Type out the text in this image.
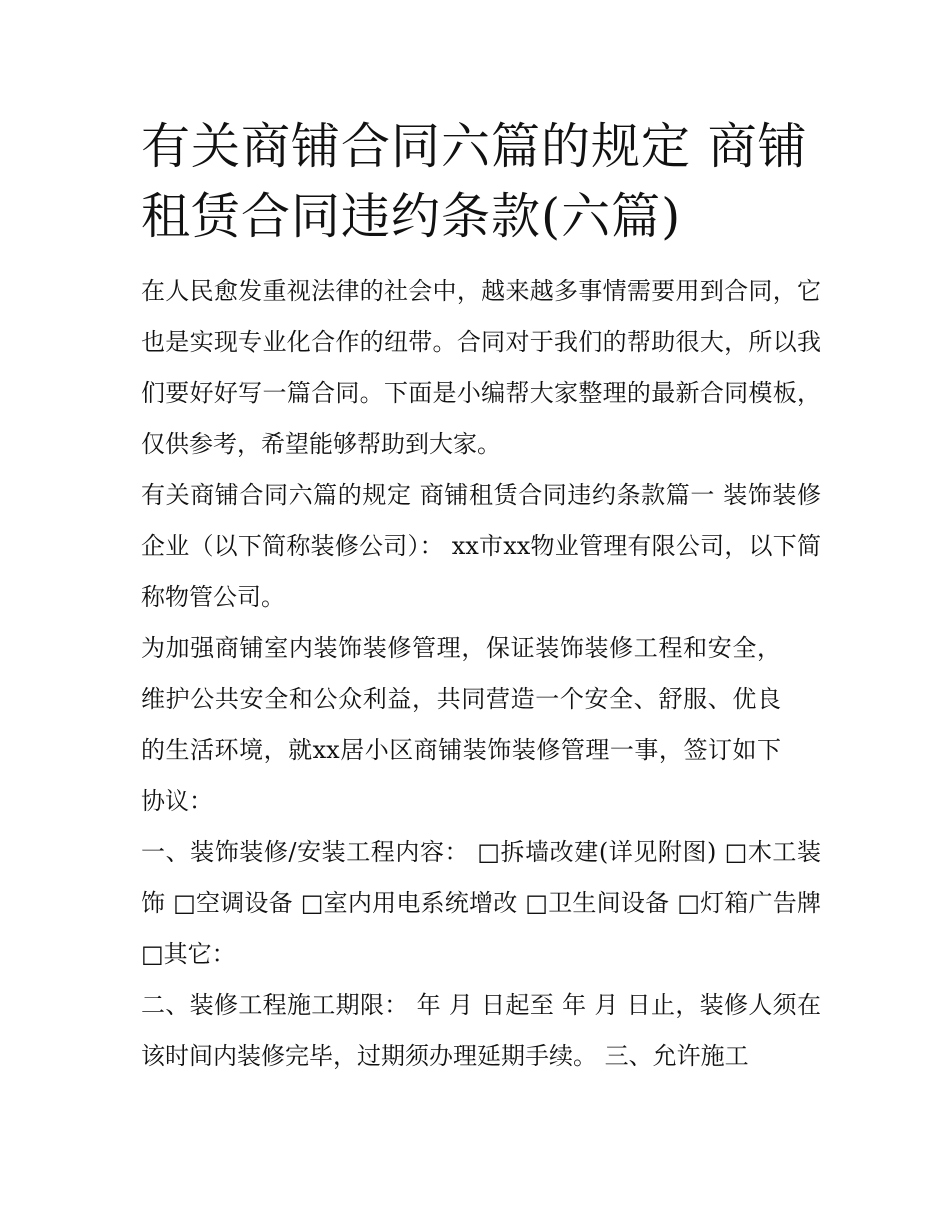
有关商铺合同六篇的规定 商铺租赁合同违约条款(六篇)

在人民愈发重视法律的社会中，越来越多事情需要用到合同，它也是实现专业化合作的纽带。合同对于我们的帮助很大，所以我们要好好写一篇合同。下面是小编帮大家整理的最新合同模板，仅供参考，希望能够帮助到大家。

有关商铺合同六篇的规定 商铺租赁合同违约条款篇一 装饰装修企业（以下简称装修公司）： xx市xx物业管理有限公司，以下简称物管公司。

为加强商铺室内装饰装修管理，保证装饰装修工程和安全，维护公共安全和公众利益，共同营造一个安全、舒服、优良的生活环境，就xx居小区商铺装饰装修管理一事，签订如下协议：

一、装饰装修/安装工程内容： □拆墙改建(详见附图) □木工装饰 □空调设备 □室内用电系统增改 □卫生间设备 □灯箱广告牌 □其它：

二、装修工程施工期限： 年 月 日起至 年 月 日止，装修人须在该时间内装修完毕，过期须办理延期手续。 三、允许施工
